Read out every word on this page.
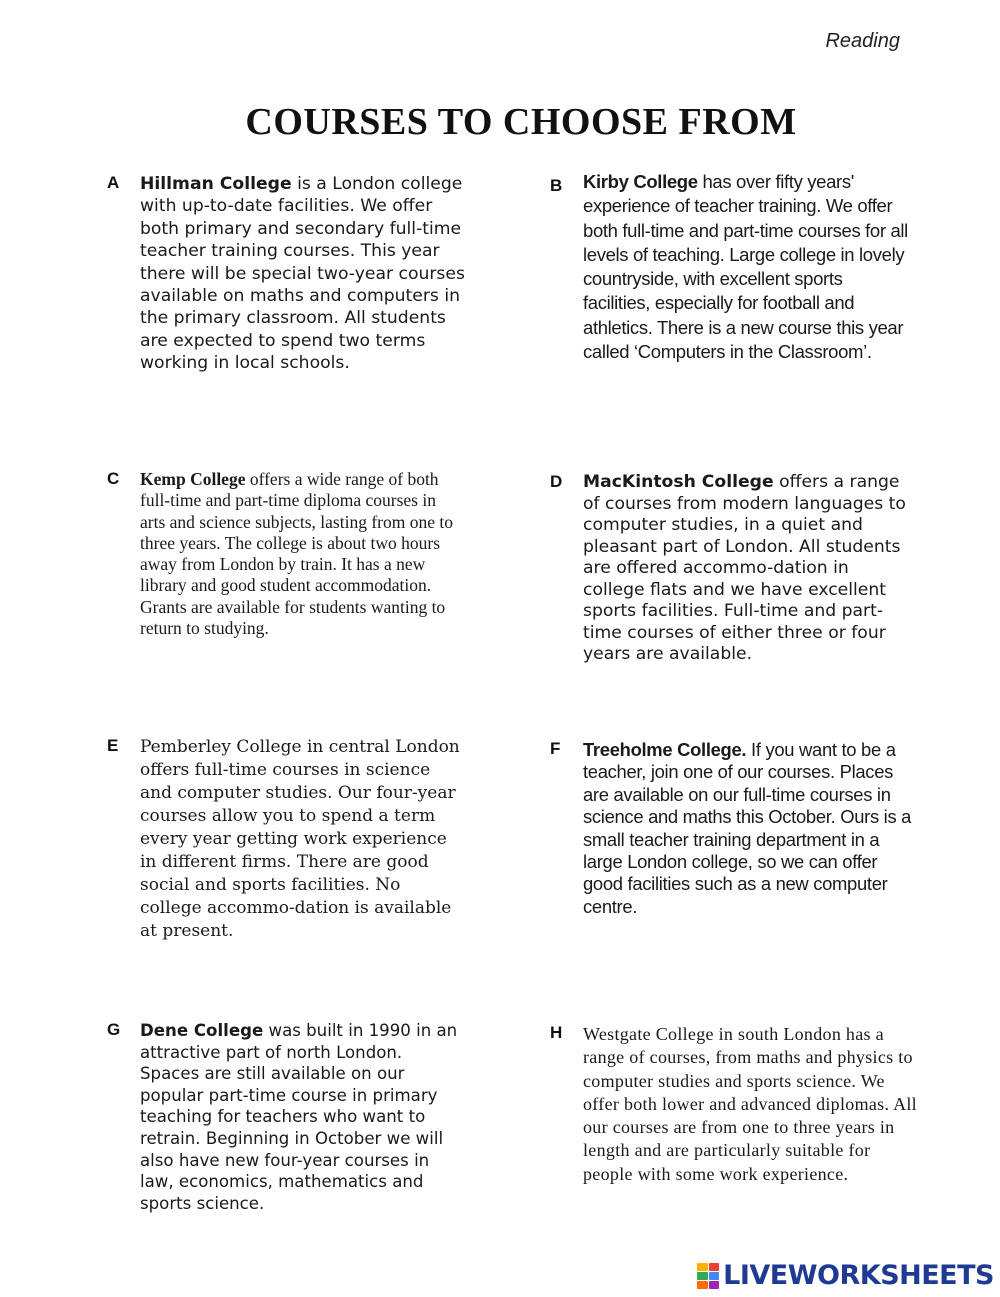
Reading
COURSES TO CHOOSE FROM
A Hillman College is a London college with up-to-date facilities. We offer both primary and secondary full-time teacher training courses. This year there will be special two-year courses available on maths and computers in the primary classroom. All students are expected to spend two terms working in local schools.

B Kirby College has over fifty years' experience of teacher training. We offer both full-time and part-time courses for all levels of teaching. Large college in lovely countryside, with excellent sports facilities, especially for football and athletics. There is a new course this year called ‘Computers in the Classroom’.

C Kemp College offers a wide range of both full-time and part-time diploma courses in arts and science subjects, lasting from one to three years. The college is about two hours away from London by train. It has a new library and good student accommodation. Grants are available for students wanting to return to studying.

D MacKintosh College offers a range of courses from modern languages to computer studies, in a quiet and pleasant part of London. All students are offered accommo-dation in college flats and we have excellent sports facilities. Full-time and part-time courses of either three or four years are available.

E Pemberley College in central London offers full-time courses in science and computer studies. Our four-year courses allow you to spend a term every year getting work experience in different firms. There are good social and sports facilities. No college accommo-dation is available at present.

F Treeholme College. If you want to be a teacher, join one of our courses. Places are available on our full-time courses in science and maths this October. Ours is a small teacher training department in a large London college, so we can offer good facilities such as a new computer centre.

G Dene College was built in 1990 in an attractive part of north London. Spaces are still available on our popular part-time course in primary teaching for teachers who want to retrain. Beginning in October we will also have new four-year courses in law, economics, mathematics and sports science.

H Westgate College in south London has a range of courses, from maths and physics to computer studies and sports science. We offer both lower and advanced diplomas. All our courses are from one to three years in length and are particularly suitable for people with some work experience.

LIVEWORKSHEETS
